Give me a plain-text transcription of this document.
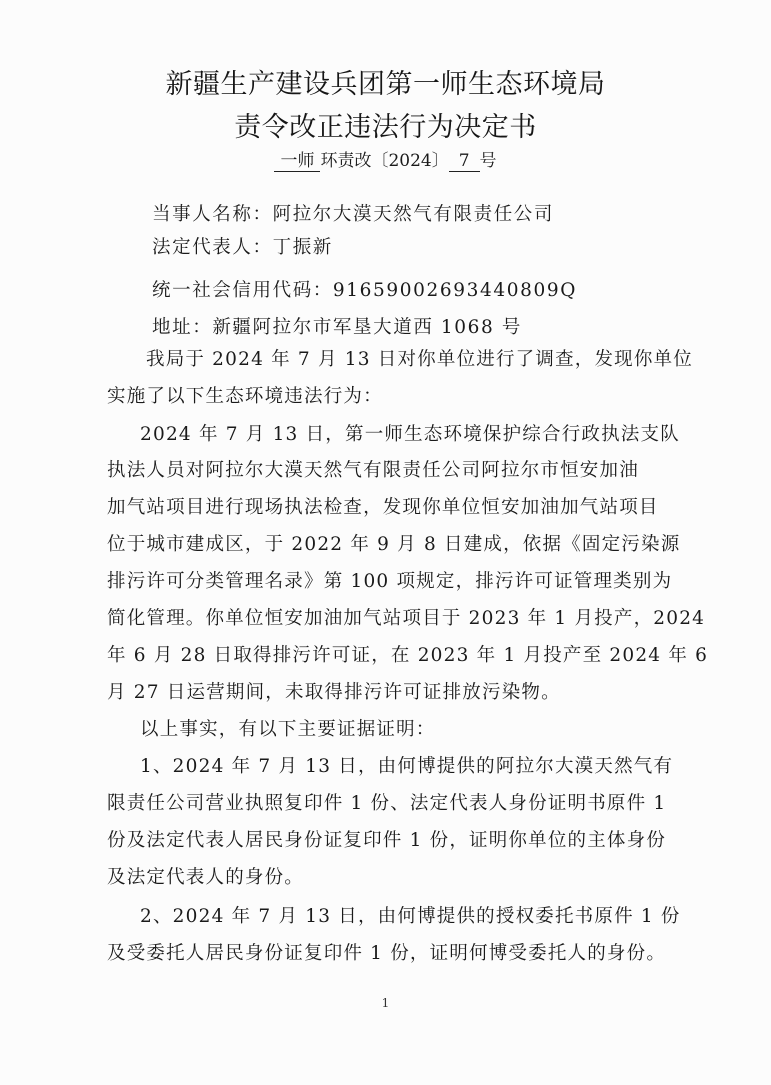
新疆生产建设兵团第一师生态环境局
责令改正违法行为决定书
一师 环责改〔2024〕 7 号
当事人名称：阿拉尔大漠天然气有限责任公司
法定代表人：丁振新
统一社会信用代码：91659002693440809Q
地址：新疆阿拉尔市军垦大道西 1068 号
我局于 2024 年 7 月 13 日对你单位进行了调查，发现你单位
实施了以下生态环境违法行为：
2024 年 7 月 13 日，第一师生态环境保护综合行政执法支队
执法人员对阿拉尔大漠天然气有限责任公司阿拉尔市恒安加油
加气站项目进行现场执法检查，发现你单位恒安加油加气站项目
位于城市建成区，于 2022 年 9 月 8 日建成，依据《固定污染源
排污许可分类管理名录》第 100 项规定，排污许可证管理类别为
简化管理。你单位恒安加油加气站项目于 2023 年 1 月投产，2024
年 6 月 28 日取得排污许可证，在 2023 年 1 月投产至 2024 年 6
月 27 日运营期间，未取得排污许可证排放污染物。
以上事实，有以下主要证据证明：
1、2024 年 7 月 13 日，由何博提供的阿拉尔大漠天然气有
限责任公司营业执照复印件 1 份、法定代表人身份证明书原件 1
份及法定代表人居民身份证复印件 1 份，证明你单位的主体身份
及法定代表人的身份。
2、2024 年 7 月 13 日，由何博提供的授权委托书原件 1 份
及受委托人居民身份证复印件 1 份，证明何博受委托人的身份。
1
